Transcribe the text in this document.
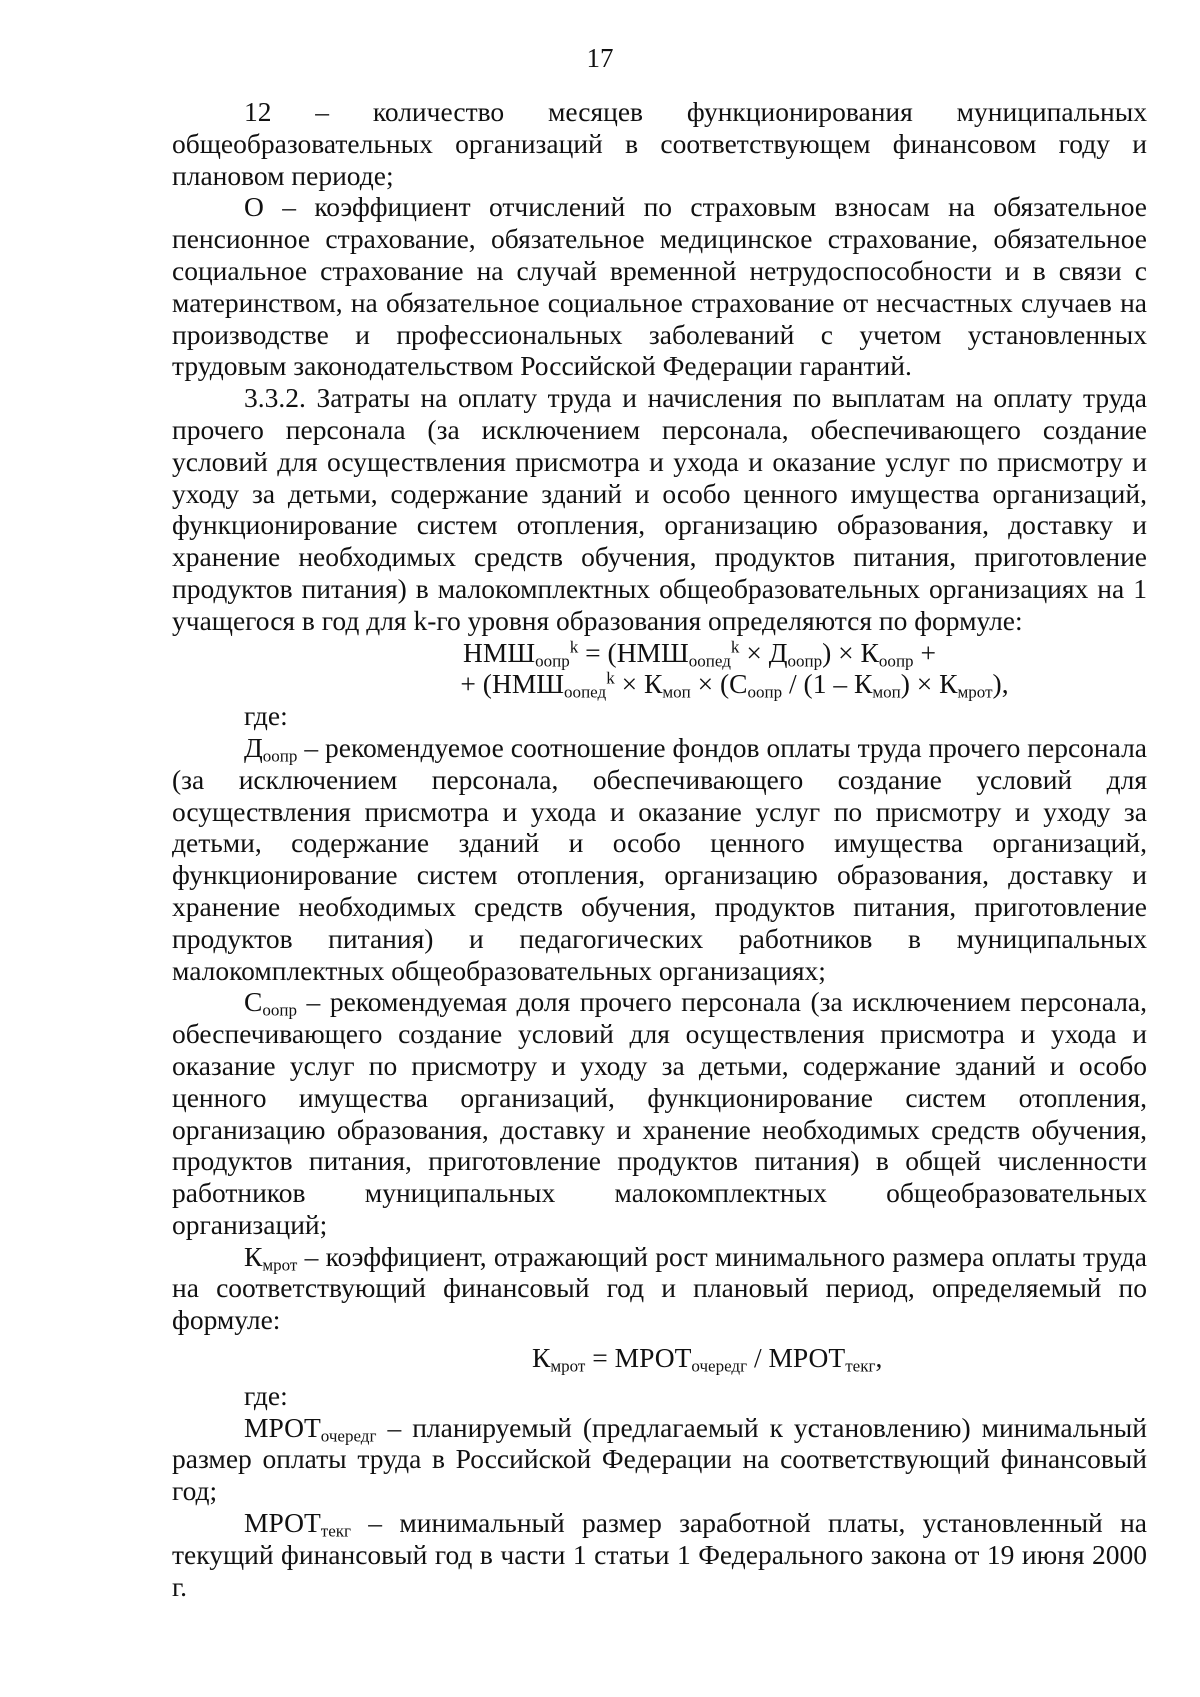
17

12 – количество месяцев функционирования муниципальных общеобразовательных организаций в соответствующем финансовом году и плановом периоде;

О – коэффициент отчислений по страховым взносам на обязательное пенсионное страхование, обязательное медицинское страхование, обязательное социальное страхование на случай временной нетрудоспособности и в связи с материнством, на обязательное социальное страхование от несчастных случаев на производстве и профессиональных заболеваний с учетом установленных трудовым законодательством Российской Федерации гарантий.

3.3.2. Затраты на оплату труда и начисления по выплатам на оплату труда прочего персонала (за исключением персонала, обеспечивающего создание условий для осуществления присмотра и ухода и оказание услуг по присмотру и уходу за детьми, содержание зданий и особо ценного имущества организаций, функционирование систем отопления, организацию образования, доставку и хранение необходимых средств обучения, продуктов питания, приготовление продуктов питания) в малокомплектных общеобразовательных организациях на 1 учащегося в год для k-го уровня образования определяются по формуле:

$НМШ_{оопр}^k = (НМШ_{оопед}^k \times Д_{оопр}) \times К_{оопр}$ +

+ ($НМШ_{оопед}^k \times К_{моп} \times (С_{оопр} / (1 - К_{моп}) \times К_{мрот})$,

где:

$Д_{оопр}$ – рекомендуемое соотношение фондов оплаты труда прочего персонала (за исключением персонала, обеспечивающего создание условий для осуществления присмотра и ухода и оказание услуг по присмотру и уходу за детьми, содержание зданий и особо ценного имущества организаций, функционирование систем отопления, организацию образования, доставку и хранение необходимых средств обучения, продуктов питания, приготовление продуктов питания) и педагогических работников в муниципальных малокомплектных общеобразовательных организациях;

$С_{оопр}$ – рекомендуемая доля прочего персонала (за исключением персонала, обеспечивающего создание условий для осуществления присмотра и ухода и оказание услуг по присмотру и уходу за детьми, содержание зданий и особо ценного имущества организаций, функционирование систем отопления, организацию образования, доставку и хранение необходимых средств обучения, продуктов питания, приготовление продуктов питания) в общей численности работников муниципальных малокомплектных общеобразовательных организаций;

$К_{мрот}$ – коэффициент, отражающий рост минимального размера оплаты труда на соответствующий финансовый год и плановый период, определяемый по формуле:

$К_{мрот}$ = $МРОТ_{очередг}$ / $МРОТ_{текг}$,

где:

$МРОТ_{очередг}$ – планируемый (предлагаемый к установлению) минимальный размер оплаты труда в Российской Федерации на соответствующий финансовый год;

$МРОТ_{текг}$ – минимальный размер заработной платы, установленный на текущий финансовый год в части 1 статьи 1 Федерального закона от 19 июня 2000 г.
